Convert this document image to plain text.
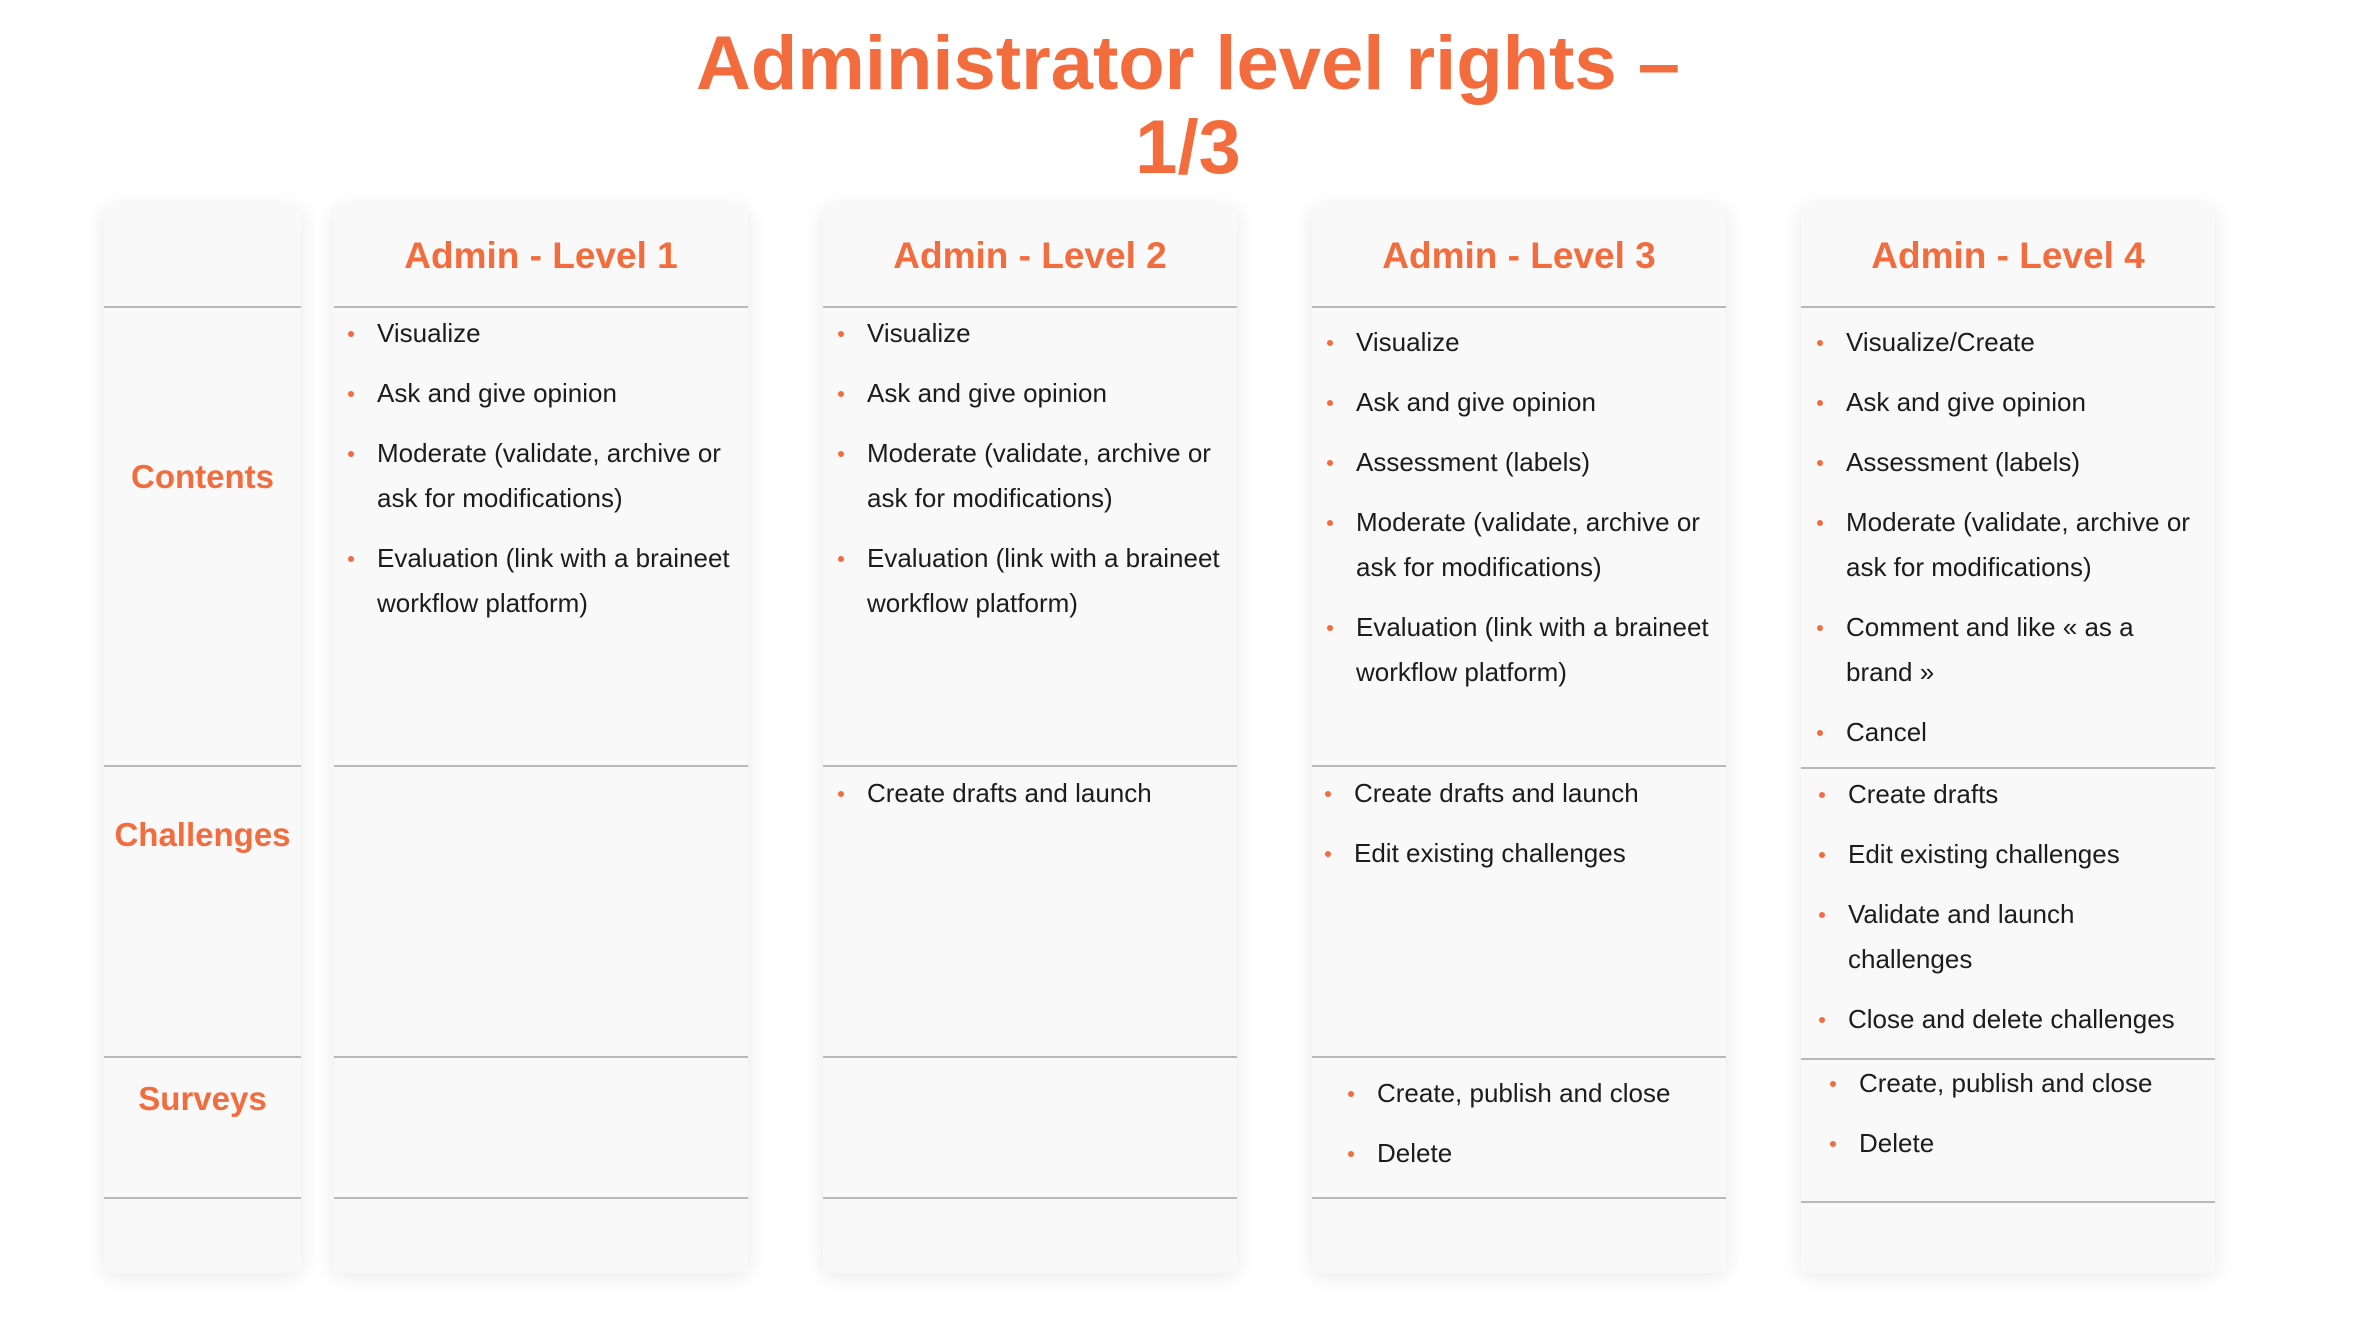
Administrator level rights –
1/3
Contents
Challenges
Surveys
Admin - Level 1
Visualize
Ask and give opinion
Moderate (validate, archive or ask for modifications)
Evaluation (link with a braineet workflow platform)
Admin - Level 2
Visualize
Ask and give opinion
Moderate (validate, archive or ask for modifications)
Evaluation (link with a braineet workflow platform)
Create drafts and launch
Admin - Level 3
Visualize
Ask and give opinion
Assessment (labels)
Moderate (validate, archive or ask for modifications)
Evaluation (link with a braineet workflow platform)
Create drafts and launch
Edit existing challenges
Create, publish and close
Delete
Admin - Level 4
Visualize/Create
Ask and give opinion
Assessment (labels)
Moderate (validate, archive or ask for modifications)
Comment and like « as a brand »
Cancel
Create drafts
Edit existing challenges
Validate and launch challenges
Close and delete challenges
Create, publish and close
Delete
